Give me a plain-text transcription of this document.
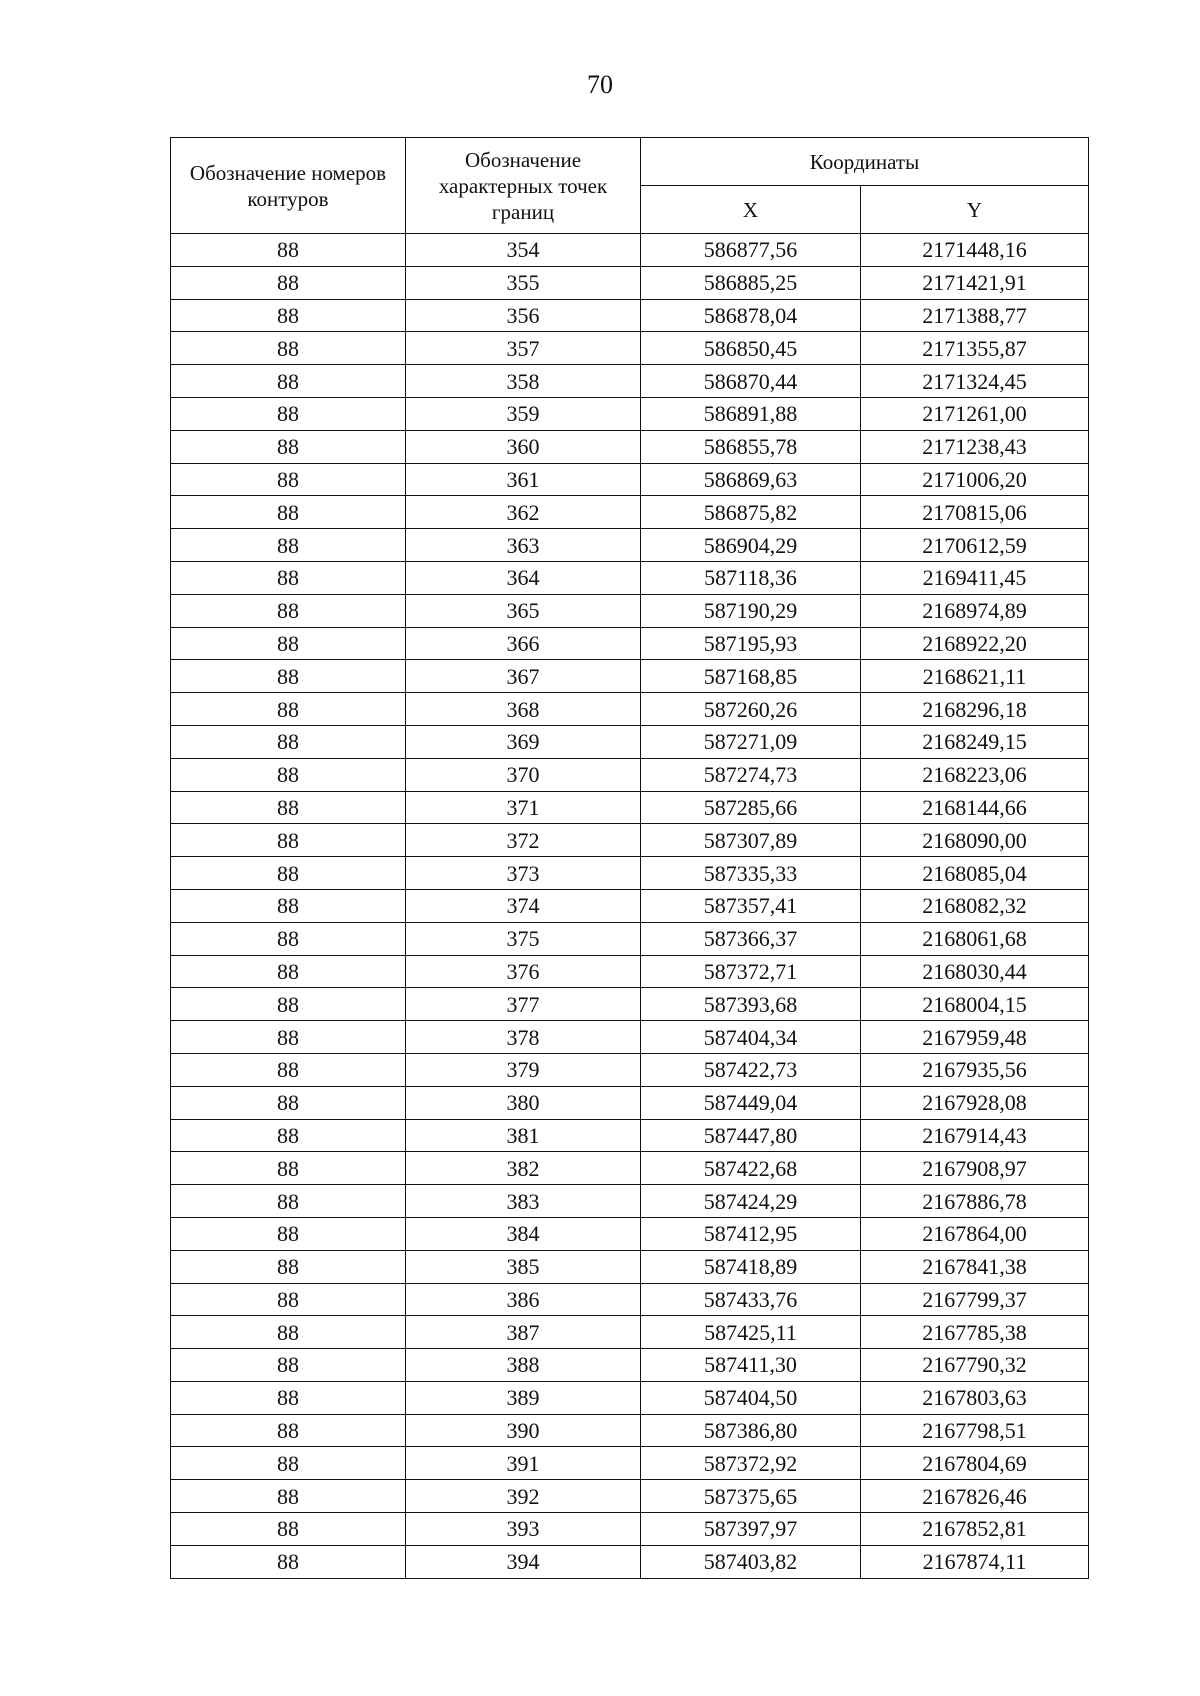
70
Обозначение номеров контуров	Обозначение характерных точек границ	Координаты	
		X	Y
88	354	586877,56	2171448,16
88	355	586885,25	2171421,91
88	356	586878,04	2171388,77
88	357	586850,45	2171355,87
88	358	586870,44	2171324,45
88	359	586891,88	2171261,00
88	360	586855,78	2171238,43
88	361	586869,63	2171006,20
88	362	586875,82	2170815,06
88	363	586904,29	2170612,59
88	364	587118,36	2169411,45
88	365	587190,29	2168974,89
88	366	587195,93	2168922,20
88	367	587168,85	2168621,11
88	368	587260,26	2168296,18
88	369	587271,09	2168249,15
88	370	587274,73	2168223,06
88	371	587285,66	2168144,66
88	372	587307,89	2168090,00
88	373	587335,33	2168085,04
88	374	587357,41	2168082,32
88	375	587366,37	2168061,68
88	376	587372,71	2168030,44
88	377	587393,68	2168004,15
88	378	587404,34	2167959,48
88	379	587422,73	2167935,56
88	380	587449,04	2167928,08
88	381	587447,80	2167914,43
88	382	587422,68	2167908,97
88	383	587424,29	2167886,78
88	384	587412,95	2167864,00
88	385	587418,89	2167841,38
88	386	587433,76	2167799,37
88	387	587425,11	2167785,38
88	388	587411,30	2167790,32
88	389	587404,50	2167803,63
88	390	587386,80	2167798,51
88	391	587372,92	2167804,69
88	392	587375,65	2167826,46
88	393	587397,97	2167852,81
88	394	587403,82	2167874,11
